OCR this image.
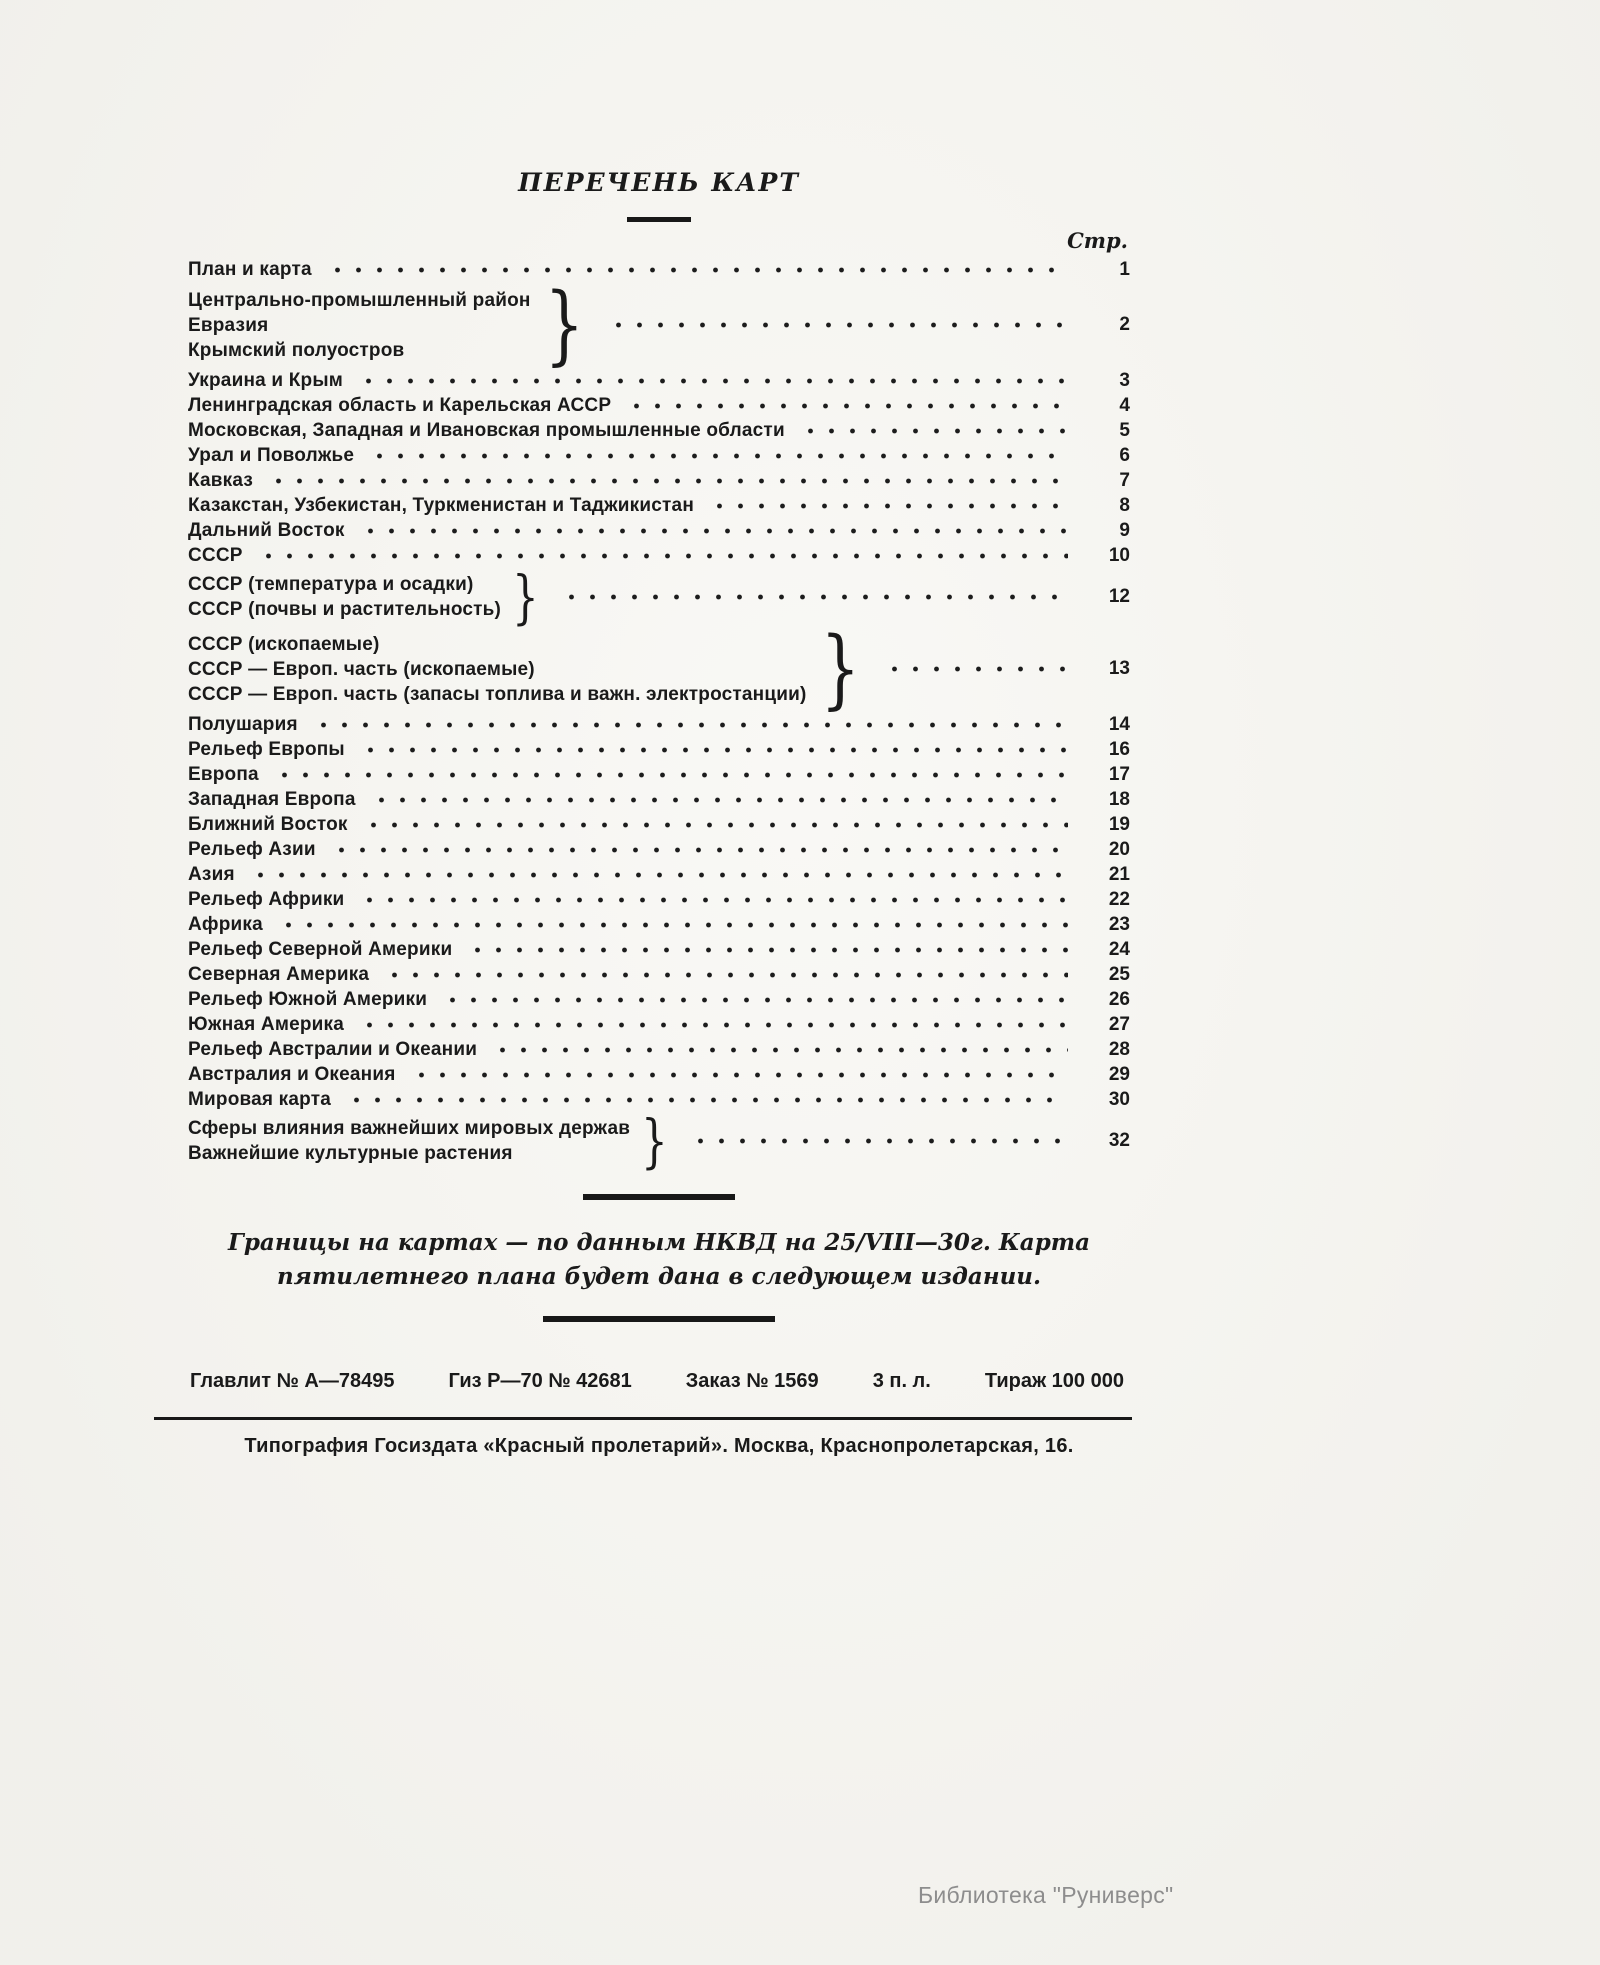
ПЕРЕЧЕНЬ КАРТ
Стр.
План и карта	1
Центрально-промышленный район
Евразия
Крымский полуостров	}	2
Украина и Крым	3
Ленинградская область и Карельская АССР	4
Московская, Западная и Ивановская промышленные области	5
Урал и Поволжье	6
Кавказ	7
Казакстан, Узбекистан, Туркменистан и Таджикистан	8
Дальний Восток	9
СССР	10
СССР (температура и осадки)
СССР (почвы и растительность) }	12
СССР (ископаемые)
СССР — Европ. часть (ископаемые)
СССР — Европ. часть (запасы топлива и важн. электростанции) }	13
Полушария	14
Рельеф Европы	16
Европа	17
Западная Европа	18
Ближний Восток	19
Рельеф Азии	20
Азия	21
Рельеф Африки	22
Африка	23
Рельеф Северной Америки	24
Северная Америка	25
Рельеф Южной Америки	26
Южная Америка	27
Рельеф Австралии и Океании	28
Австралия и Океания	29
Мировая карта	30
Сферы влияния важнейших мировых держав
Важнейшие культурные растения	}	32
Границы на картах — по данным НКВД на 25/VIII—30г. Карта пятилетнего плана будет дана в следующем издании.
Главлит № А—78495	Гиз Р—70 № 42681	Заказ № 1569	3 п. л.	Тираж 100 000
Типография Госиздата «Красный пролетарий». Москва, Краснопролетарская, 16.
Библиотека "Руниверс"
